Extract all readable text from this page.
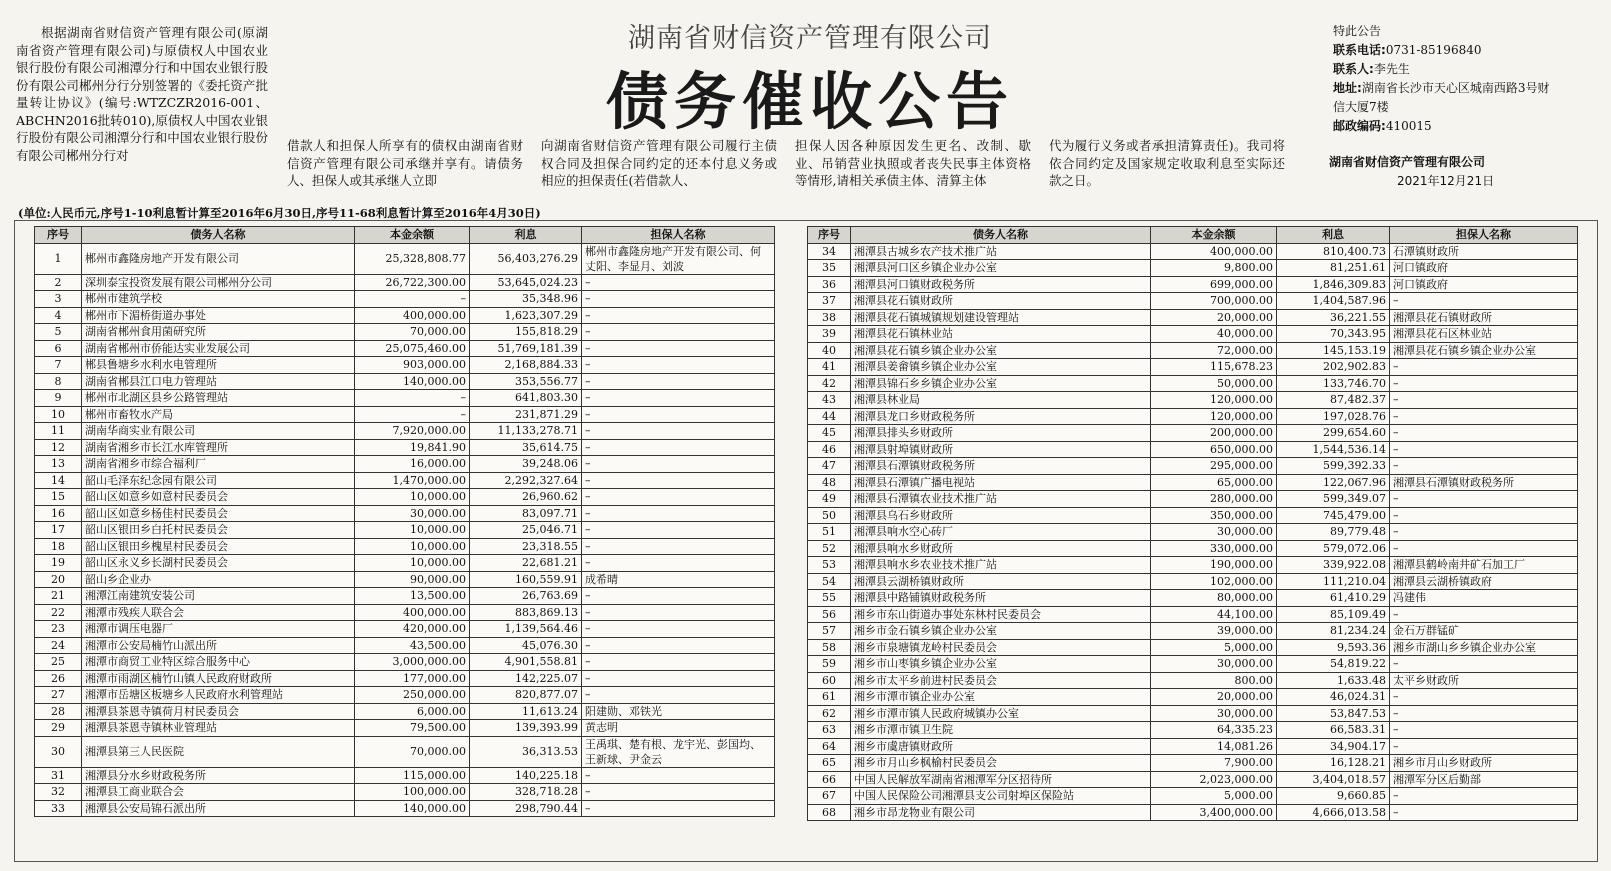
根据湖南省财信资产管理有限公司(原湖南省资产管理有限公司)与原债权人中国农业银行股份有限公司湘潭分行和中国农业银行股份有限公司郴州分行分别签署的《委托资产批量转让协议》(编号:WTZCZR2016-001、ABCHN2016批转010),原债权人中国农业银行股份有限公司湘潭分行和中国农业银行股份有限公司郴州分行对
借款人和担保人所享有的债权由湖南省财信资产管理有限公司承继并享有。请债务人、担保人或其承继人立即
向湖南省财信资产管理有限公司履行主债权合同及担保合同约定的还本付息义务或相应的担保责任(若借款人、
担保人因各种原因发生更名、改制、歇业、吊销营业执照或者丧失民事主体资格等情形,请相关承债主体、清算主体
代为履行义务或者承担清算责任)。我司将依合同约定及国家规定收取利息至实际还款之日。
湖南省财信资产管理有限公司
债务催收公告
特此公告
联系电话:0731-85196840
联系人:李先生
地址:湖南省长沙市天心区城南西路3号财信大厦7楼
邮政编码:410015
湖南省财信资产管理有限公司
2021年12月21日
(单位:人民币元,序号1-10利息暂计算至2016年6月30日,序号11-68利息暂计算至2016年4月30日)
序号	债务人名称	本金余额	利息	担保人名称
1	郴州市鑫隆房地产开发有限公司	25,328,808.77	56,403,276.29	郴州市鑫隆房地产开发有限公司、何丈阳、李显月、刘波
2	深圳泰宝投资发展有限公司郴州分公司	26,722,300.00	53,645,024.23	–
3	郴州市建筑学校	–	35,348.96	–
4	郴州市下湄桥街道办事处	400,000.00	1,623,307.29	–
5	湖南省郴州食用菌研究所	70,000.00	155,818.29	–
6	湖南省郴州市侨能达实业发展公司	25,075,460.00	51,769,181.39	–
7	郴县鲁塘乡水利水电管理所	903,000.00	2,168,884.33	–
8	湖南省郴县江口电力管理站	140,000.00	353,556.77	–
9	郴州市北湖区县乡公路管理站	–	641,803.30	–
10	郴州市畜牧水产局	–	231,871.29	–
11	湖南华商实业有限公司	7,920,000.00	11,133,278.71	–
12	湖南省湘乡市长江水库管理所	19,841.90	35,614.75	–
13	湖南省湘乡市综合福利厂	16,000.00	39,248.06	–
14	韶山毛泽东纪念园有限公司	1,470,000.00	2,292,327.64	–
15	韶山区如意乡如意村民委员会	10,000.00	26,960.62	–
16	韶山区如意乡杨佳村民委员会	30,000.00	83,097.71	–
17	韶山区银田乡白托村民委员会	10,000.00	25,046.71	–
18	韶山区银田乡槐星村民委员会	10,000.00	23,318.55	–
19	韶山区永义乡长湖村民委员会	10,000.00	22,681.21	–
20	韶山乡企业办	90,000.00	160,559.91	成希晴
21	湘潭江南建筑安装公司	13,500.00	26,763.69	–
22	湘潭市残疾人联合会	400,000.00	883,869.13	–
23	湘潭市调压电器厂	420,000.00	1,139,564.46	–
24	湘潭市公安局楠竹山派出所	43,500.00	45,076.30	–
25	湘潭市商贸工业特区综合服务中心	3,000,000.00	4,901,558.81	–
26	湘潭市雨湖区楠竹山镇人民政府财政所	177,000.00	142,225.07	–
27	湘潭市岳塘区板塘乡人民政府水利管理站	250,000.00	820,877.07	–
28	湘潭县茶恩寺镇荷月村民委员会	6,000.00	11,613.24	阳建勋、邓铁光
29	湘潭县茶恩寺镇林业管理站	79,500.00	139,393.99	黄志明
30	湘潭县第三人民医院	70,000.00	36,313.53	王禹琪、楚有根、龙宇光、彭国均、王新球、尹金云
31	湘潭县分水乡财政税务所	115,000.00	140,225.18	–
32	湘潭县工商业联合会	100,000.00	328,718.28	–
33	湘潭县公安局锦石派出所	140,000.00	298,790.44	–
序号	债务人名称	本金余额	利息	担保人名称
34	湘潭县古城乡农产技术推广站	400,000.00	810,400.73	石潭镇财政所
35	湘潭县河口区乡镇企业办公室	9,800.00	81,251.61	河口镇政府
36	湘潭县河口镇财政税务所	699,000.00	1,846,309.83	河口镇政府
37	湘潭县花石镇财政所	700,000.00	1,404,587.96	–
38	湘潭县花石镇城镇规划建设管理站	20,000.00	36,221.55	湘潭县花石镇财政所
39	湘潭县花石镇林业站	40,000.00	70,343.95	湘潭县花石区林业站
40	湘潭县花石镇乡镇企业办公室	72,000.00	145,153.19	湘潭县花石镇乡镇企业办公室
41	湘潭县姜畲镇乡镇企业办公室	115,678.23	202,902.83	–
42	湘潭县锦石乡乡镇企业办公室	50,000.00	133,746.70	–
43	湘潭县林业局	120,000.00	87,482.37	–
44	湘潭县龙口乡财政税务所	120,000.00	197,028.76	–
45	湘潭县排头乡财政所	200,000.00	299,654.60	–
46	湘潭县射埠镇财政所	650,000.00	1,544,536.14	–
47	湘潭县石潭镇财政税务所	295,000.00	599,392.33	–
48	湘潭县石潭镇广播电视站	65,000.00	122,067.96	湘潭县石潭镇财政税务所
49	湘潭县石潭镇农业技术推广站	280,000.00	599,349.07	–
50	湘潭县乌石乡财政所	350,000.00	745,479.00	–
51	湘潭县响水空心砖厂	30,000.00	89,779.48	–
52	湘潭县响水乡财政所	330,000.00	579,072.06	–
53	湘潭县响水乡农业技术推广站	190,000.00	339,922.08	湘潭县鹤岭南井矿石加工厂
54	湘潭县云湖桥镇财政所	102,000.00	111,210.04	湘潭县云湖桥镇政府
55	湘潭县中路铺镇财政税务所	80,000.00	61,410.29	冯建伟
56	湘乡市东山街道办事处东林村民委员会	44,100.00	85,109.49	–
57	湘乡市金石镇乡镇企业办公室	39,000.00	81,234.24	金石万群锰矿
58	湘乡市泉塘镇龙岭村民委员会	5,000.00	9,593.36	湘乡市湖山乡乡镇企业办公室
59	湘乡市山枣镇乡镇企业办公室	30,000.00	54,819.22	–
60	湘乡市太平乡前进村民委员会	800.00	1,633.48	太平乡财政所
61	湘乡市潭市镇企业办公室	20,000.00	46,024.31	–
62	湘乡市潭市镇人民政府城镇办公室	30,000.00	53,847.53	–
63	湘乡市潭市镇卫生院	64,335.23	66,583.31	–
64	湘乡市虞唐镇财政所	14,081.26	34,904.17	–
65	湘乡市月山乡枫榆村民委员会	7,900.00	16,128.21	湘乡市月山乡财政所
66	中国人民解放军湖南省湘潭军分区招待所	2,023,000.00	3,404,018.57	湘潭军分区后勤部
67	中国人民保险公司湘潭县支公司射埠区保险站	5,000.00	9,660.85	–
68	湘乡市昂龙物业有限公司	3,400,000.00	4,666,013.58	–
